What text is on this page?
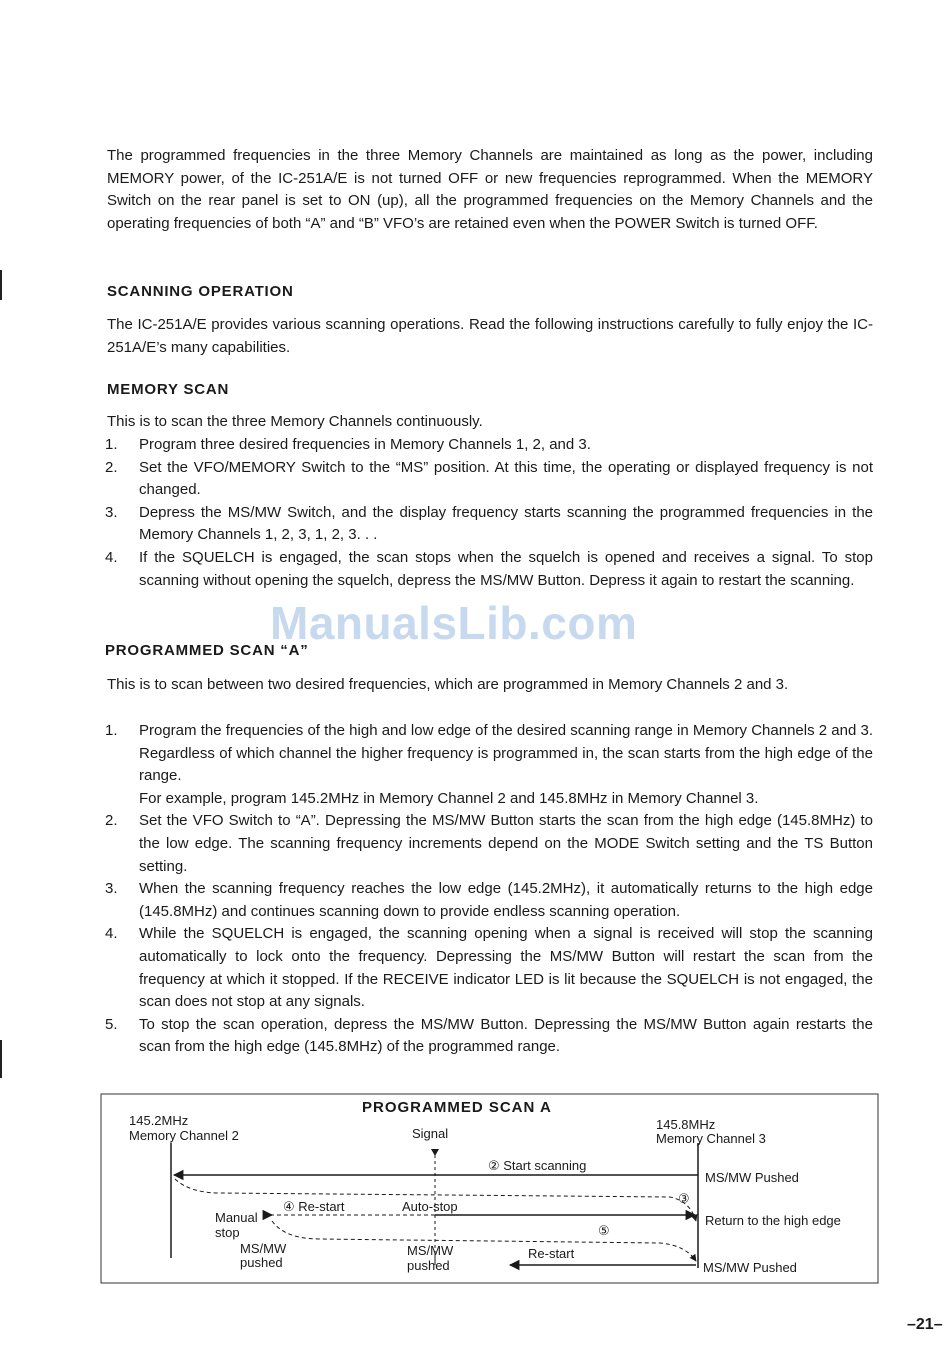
The programmed frequencies in the three Memory Channels are maintained as long as the power, including MEMORY power, of the IC-251A/E is not turned OFF or new frequencies reprogrammed. When the MEMORY Switch on the rear panel is set to ON (up), all the programmed frequencies on the Memory Channels and the operating frequencies of both “A” and “B” VFO’s are retained even when the POWER Switch is turned OFF.

SCANNING OPERATION

The IC-251A/E provides various scanning operations. Read the following instructions carefully to fully enjoy the IC-251A/E’s many capabilities.

MEMORY SCAN

This is to scan the three Memory Channels continuously.

1. Program three desired frequencies in Memory Channels 1, 2, and 3.
2. Set the VFO/MEMORY Switch to the “MS” position. At this time, the operating or displayed frequency is not changed.
3. Depress the MS/MW Switch, and the display frequency starts scanning the programmed frequencies in the Memory Channels 1, 2, 3, 1, 2, 3. . .
4. If the SQUELCH is engaged, the scan stops when the squelch is opened and receives a signal. To stop scanning without opening the squelch, depress the MS/MW Button. Depress it again to restart the scanning.
PROGRAMMED SCAN “A”

This is to scan between two desired frequencies, which are programmed in Memory Channels 2 and 3.

1. Program the frequencies of the high and low edge of the desired scanning range in Memory Channels 2 and 3. Regardless of which channel the higher frequency is programmed in, the scan starts from the high edge of the range.
For example, program 145.2MHz in Memory Channel 2 and 145.8MHz in Memory Channel 3.
2. Set the VFO Switch to “A”. Depressing the MS/MW Button starts the scan from the high edge (145.8MHz) to the low edge. The scanning frequency increments depend on the MODE Switch setting and the TS Button setting.
3. When the scanning frequency reaches the low edge (145.2MHz), it automatically returns to the high edge (145.8MHz) and continues scanning down to provide endless scanning operation.
4. While the SQUELCH is engaged, the scanning opening when a signal is received will stop the scanning automatically to lock onto the frequency. Depressing the MS/MW Button will restart the scan from the frequency at which it stopped. If the RECEIVE indicator LED is lit because the SQUELCH is not engaged, the scan does not stop at any signals.
5. To stop the scan operation, depress the MS/MW Button. Depressing the MS/MW Button again restarts the scan from the high edge (145.8MHz) of the programmed range.
ManualsLib.com
PROGRAMMED SCAN A
145.2MHz
Memory Channel 2
145.8MHz
Memory Channel 3
Signal
② Start scanning
MS/MW Pushed
③
④ Re-start	Auto-stop
Return to the high edge
Manual
stop	⑤
MS/MW
pushed
MS/MW
pushed
Re-start
MS/MW Pushed
–21–
